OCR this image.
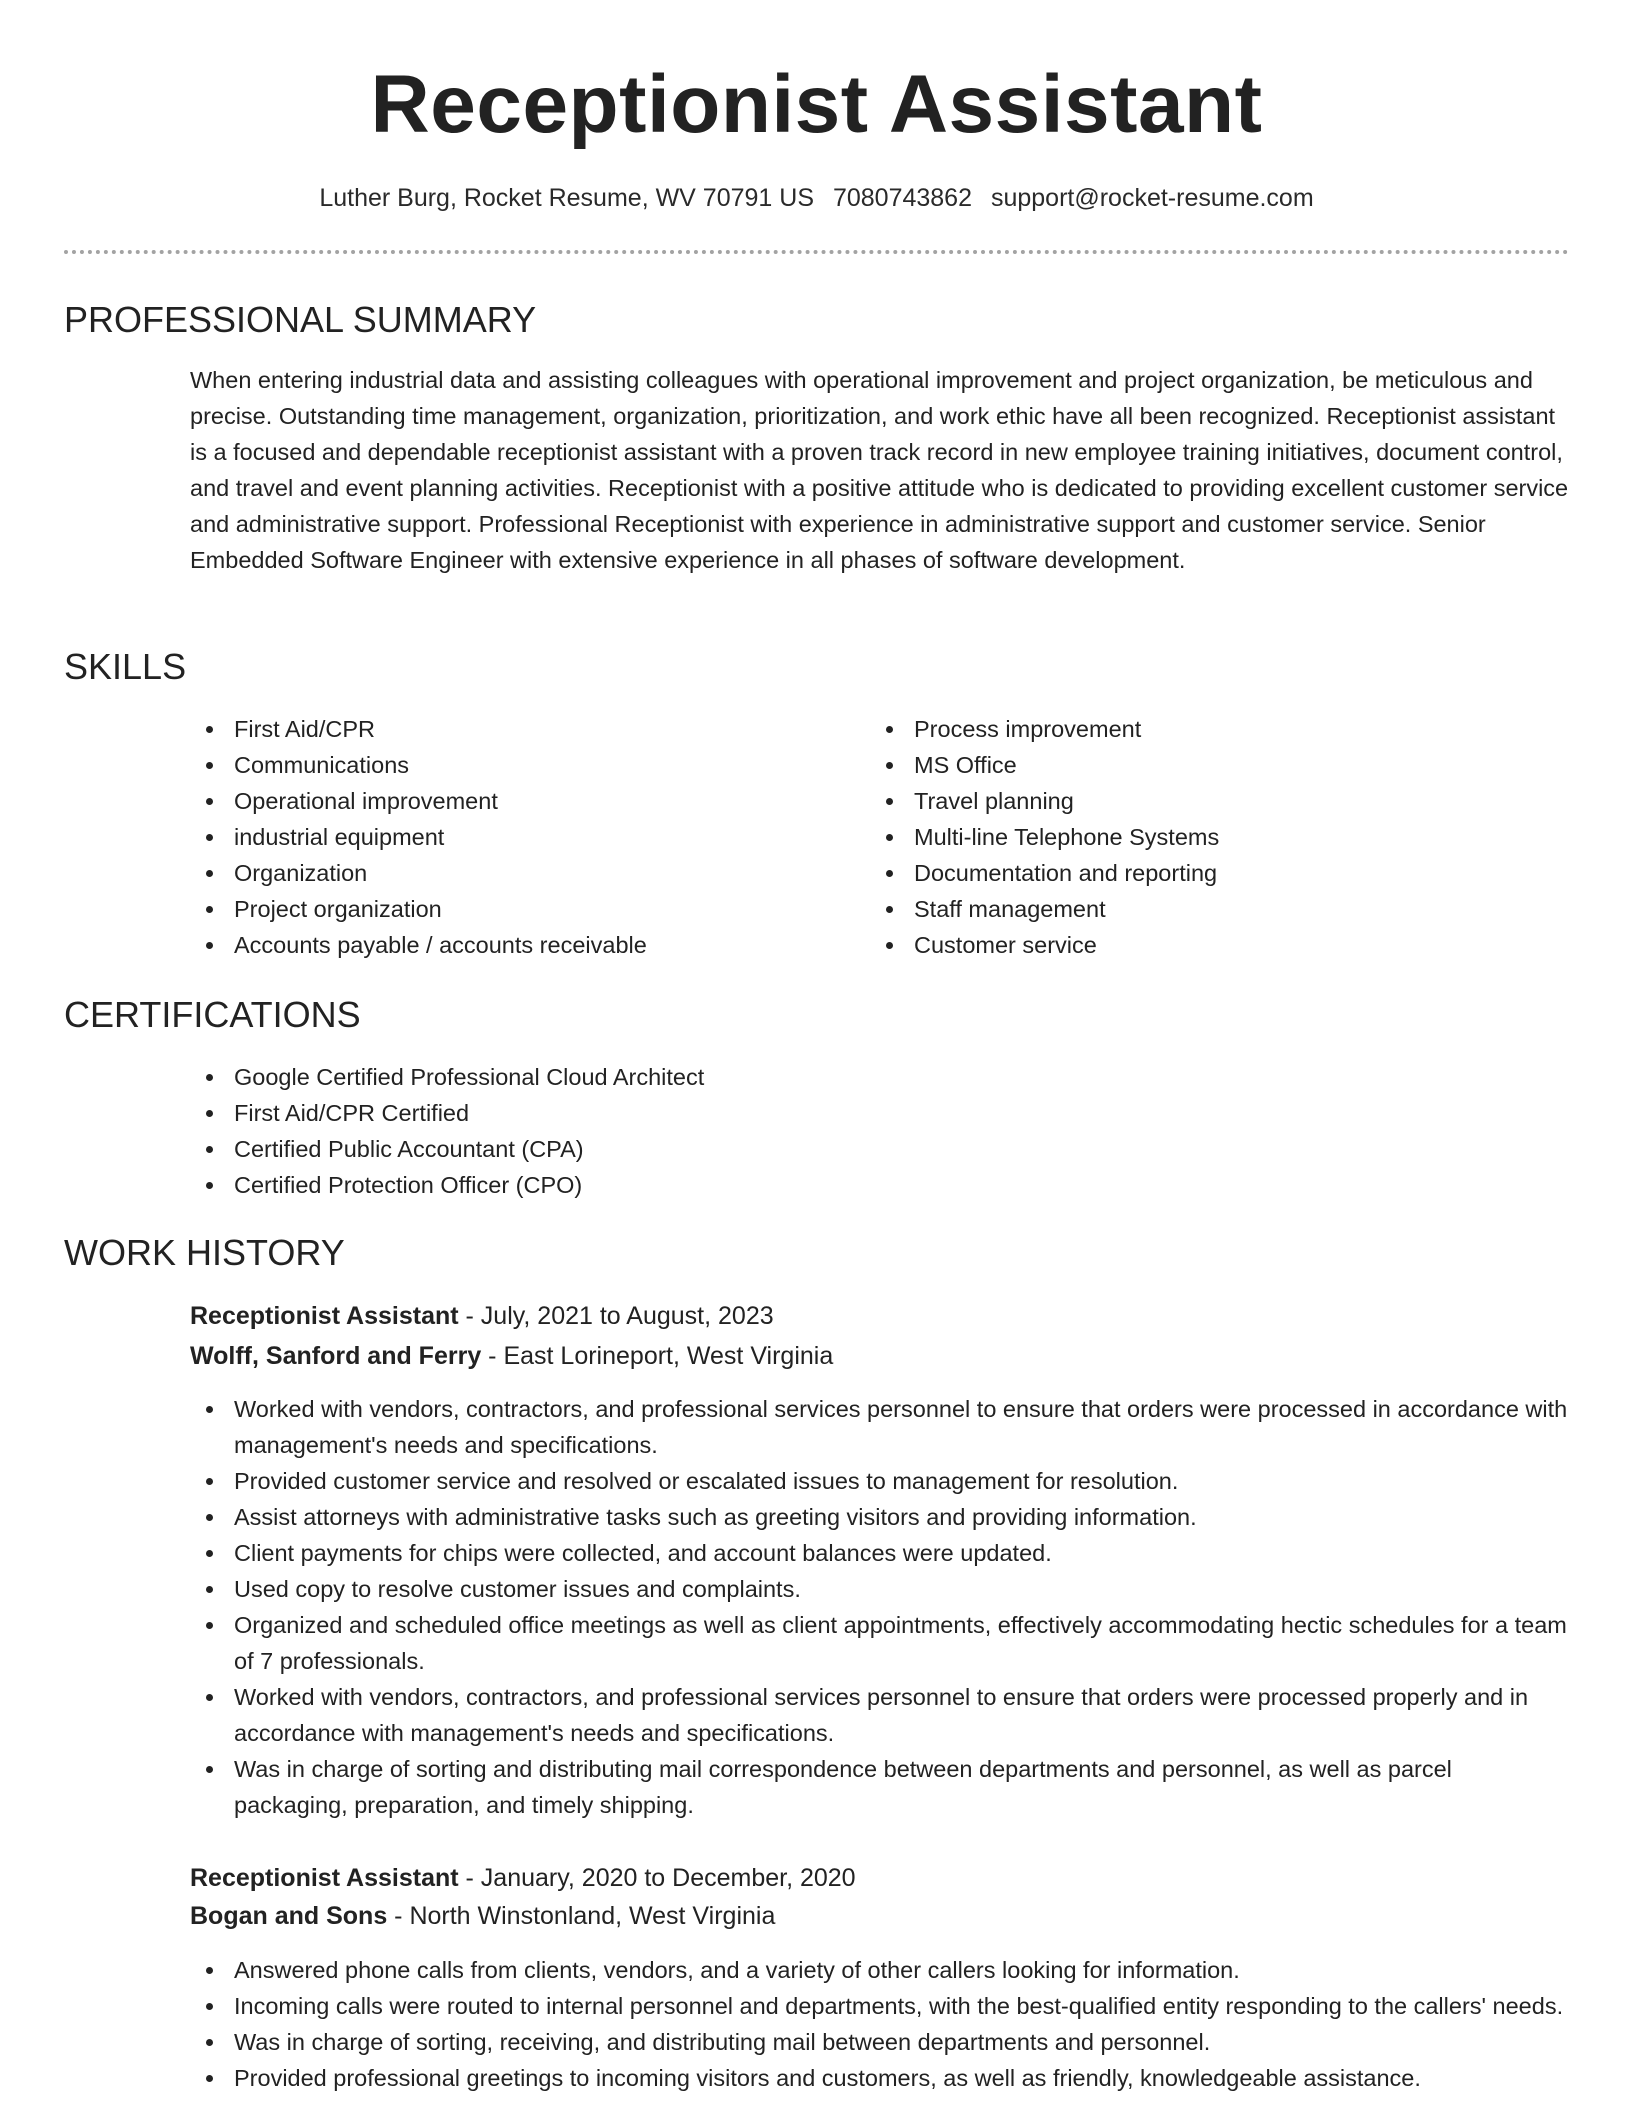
Receptionist Assistant
Luther Burg, Rocket Resume, WV 70791 US 7080743862 support@rocket-resume.com
PROFESSIONAL SUMMARY

When entering industrial data and assisting colleagues with operational improvement and project organization, be meticulous and precise. Outstanding time management, organization, prioritization, and work ethic have all been recognized. Receptionist assistant is a focused and dependable receptionist assistant with a proven track record in new employee training initiatives, document control, and travel and event planning activities. Receptionist with a positive attitude who is dedicated to providing excellent customer service and administrative support. Professional Receptionist with experience in administrative support and customer service. Senior Embedded Software Engineer with extensive experience in all phases of software development.

SKILLS
First Aid/CPR
Communications
Operational improvement
industrial equipment
Organization
Project organization
Accounts payable / accounts receivable
Process improvement
MS Office
Travel planning
Multi-line Telephone Systems
Documentation and reporting
Staff management
Customer service
CERTIFICATIONS
Google Certified Professional Cloud Architect
First Aid/CPR Certified
Certified Public Accountant (CPA)
Certified Protection Officer (CPO)
WORK HISTORY
Receptionist Assistant - July, 2021 to August, 2023
Wolff, Sanford and Ferry - East Lorineport, West Virginia
Worked with vendors, contractors, and professional services personnel to ensure that orders were processed in accordance with management's needs and specifications.
Provided customer service and resolved or escalated issues to management for resolution.
Assist attorneys with administrative tasks such as greeting visitors and providing information.
Client payments for chips were collected, and account balances were updated.
Used copy to resolve customer issues and complaints.
Organized and scheduled office meetings as well as client appointments, effectively accommodating hectic schedules for a team of 7 professionals.
Worked with vendors, contractors, and professional services personnel to ensure that orders were processed properly and in accordance with management's needs and specifications.
Was in charge of sorting and distributing mail correspondence between departments and personnel, as well as parcel packaging, preparation, and timely shipping.
Receptionist Assistant - January, 2020 to December, 2020
Bogan and Sons - North Winstonland, West Virginia
Answered phone calls from clients, vendors, and a variety of other callers looking for information.
Incoming calls were routed to internal personnel and departments, with the best-qualified entity responding to the callers' needs.
Was in charge of sorting, receiving, and distributing mail between departments and personnel.
Provided professional greetings to incoming visitors and customers, as well as friendly, knowledgeable assistance.
